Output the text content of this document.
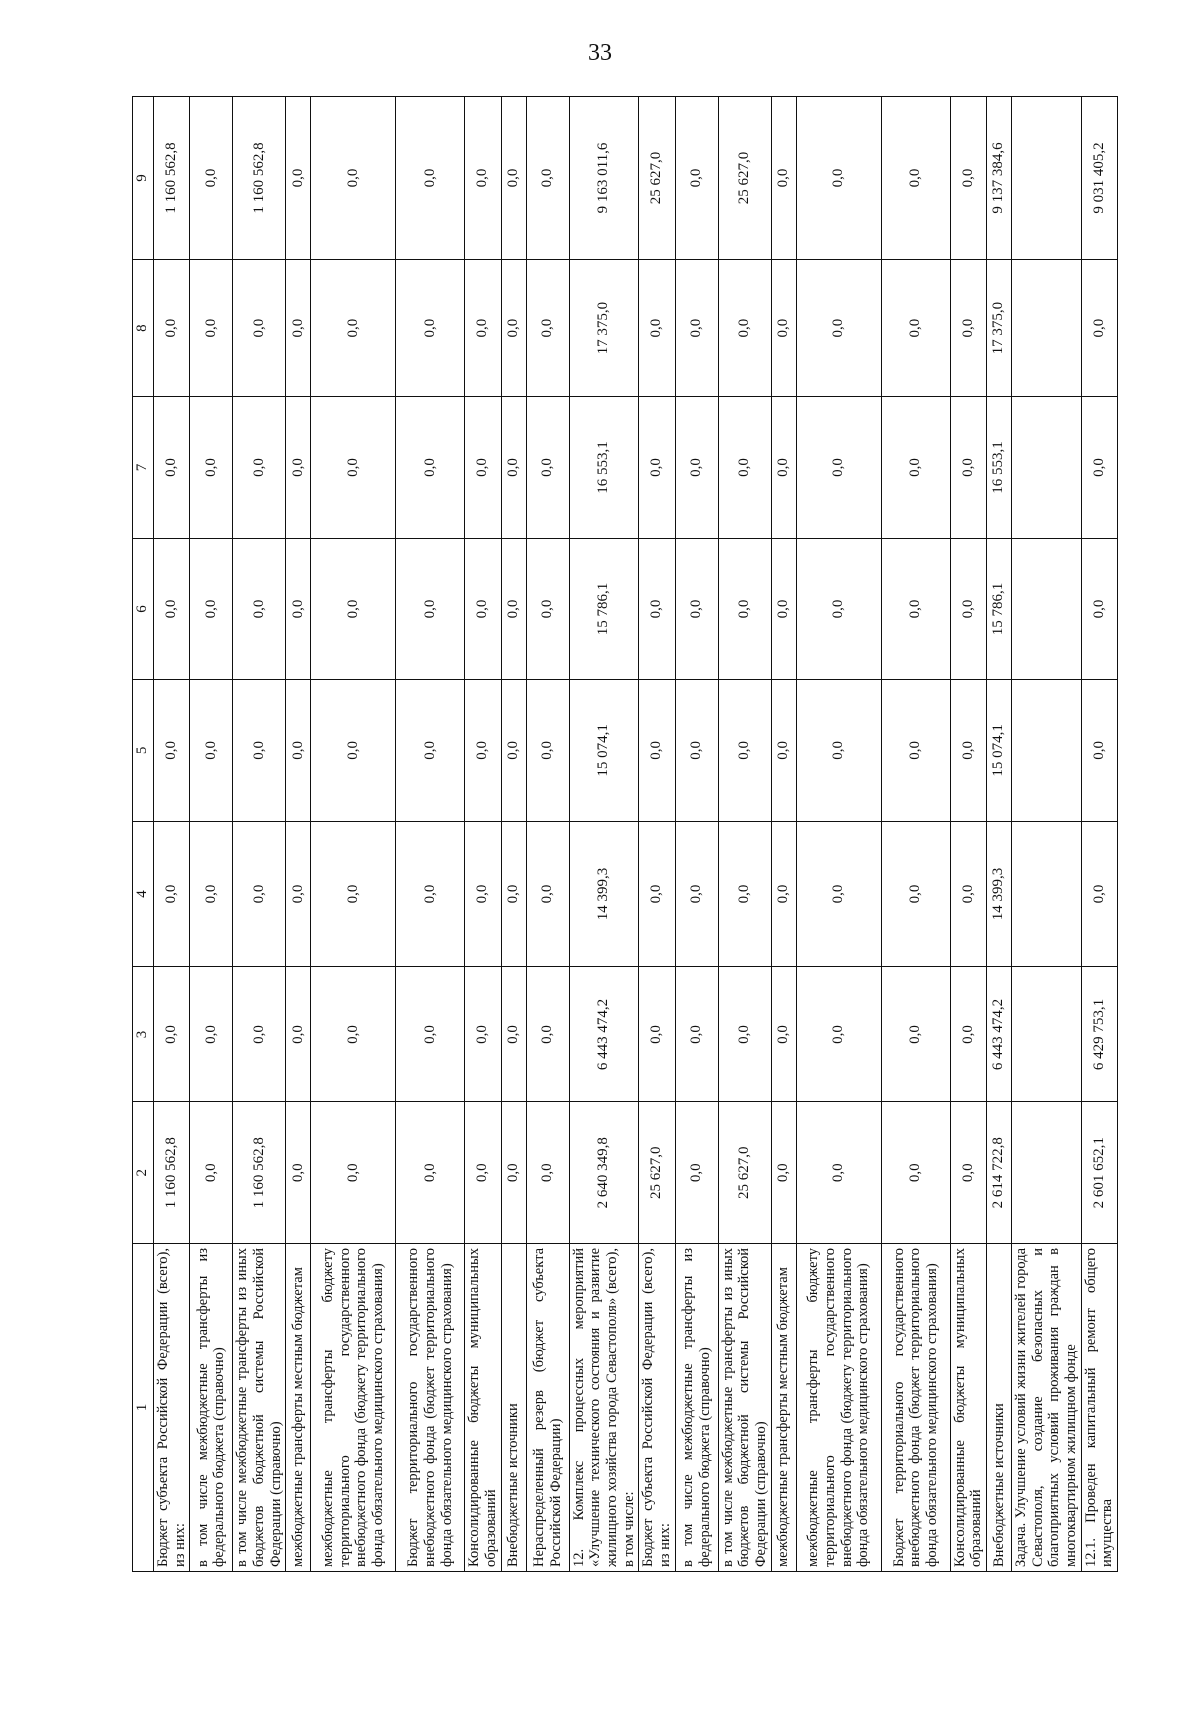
33
1	2	3	4	5	6	7	8	9
Бюджет субъекта Российской Федерации (всего), из них:	1 160 562,8	0,0	0,0	0,0	0,0	0,0	0,0	1 160 562,8
в том числе межбюджетные трансферты из федерального бюджета (справочно)	0,0	0,0	0,0	0,0	0,0	0,0	0,0	0,0
в том числе межбюджетные трансферты из иных бюджетов бюджетной системы Российской Федерации (справочно)	1 160 562,8	0,0	0,0	0,0	0,0	0,0	0,0	1 160 562,8
межбюджетные трансферты местным бюджетам	0,0	0,0	0,0	0,0	0,0	0,0	0,0	0,0
межбюджетные трансферты бюджету территориального государственного внебюджетного фонда (бюджету территориального фонда обязательного медицинского страхования)	0,0	0,0	0,0	0,0	0,0	0,0	0,0	0,0
Бюджет территориального государственного внебюджетного фонда (бюджет территориального фонда обязательного медицинского страхования)	0,0	0,0	0,0	0,0	0,0	0,0	0,0	0,0
Консолидированные бюджеты муниципальных образований	0,0	0,0	0,0	0,0	0,0	0,0	0,0	0,0
Внебюджетные источники	0,0	0,0	0,0	0,0	0,0	0,0	0,0	0,0
Нераспределенный резерв (бюджет субъекта Российской Федерации)	0,0	0,0	0,0	0,0	0,0	0,0	0,0	0,0
12. Комплекс процессных мероприятий «Улучшение технического состояния и развитие жилищного хозяйства города Севастополя» (всего), в том числе:	2 640 349,8	6 443 474,2	14 399,3	15 074,1	15 786,1	16 553,1	17 375,0	9 163 011,6
Бюджет субъекта Российской Федерации (всего), из них:	25 627,0	0,0	0,0	0,0	0,0	0,0	0,0	25 627,0
в том числе межбюджетные трансферты из федерального бюджета (справочно)	0,0	0,0	0,0	0,0	0,0	0,0	0,0	0,0
в том числе межбюджетные трансферты из иных бюджетов бюджетной системы Российской Федерации (справочно)	25 627,0	0,0	0,0	0,0	0,0	0,0	0,0	25 627,0
межбюджетные трансферты местным бюджетам	0,0	0,0	0,0	0,0	0,0	0,0	0,0	0,0
межбюджетные трансферты бюджету территориального государственного внебюджетного фонда (бюджету территориального фонда обязательного медицинского страхования)	0,0	0,0	0,0	0,0	0,0	0,0	0,0	0,0
Бюджет территориального государственного внебюджетного фонда (бюджет территориального фонда обязательного медицинского страхования)	0,0	0,0	0,0	0,0	0,0	0,0	0,0	0,0
Консолидированные бюджеты муниципальных образований	0,0	0,0	0,0	0,0	0,0	0,0	0,0	0,0
Внебюджетные источники	2 614 722,8	6 443 474,2	14 399,3	15 074,1	15 786,1	16 553,1	17 375,0	9 137 384,6
Задача. Улучшение условий жизни жителей города Севастополя, создание безопасных и благоприятных условий проживания граждан в многоквартирном жилищном фонде								
12.1. Проведен капитальный ремонт общего имущества	2 601 652,1	6 429 753,1	0,0	0,0	0,0	0,0	0,0	9 031 405,2
